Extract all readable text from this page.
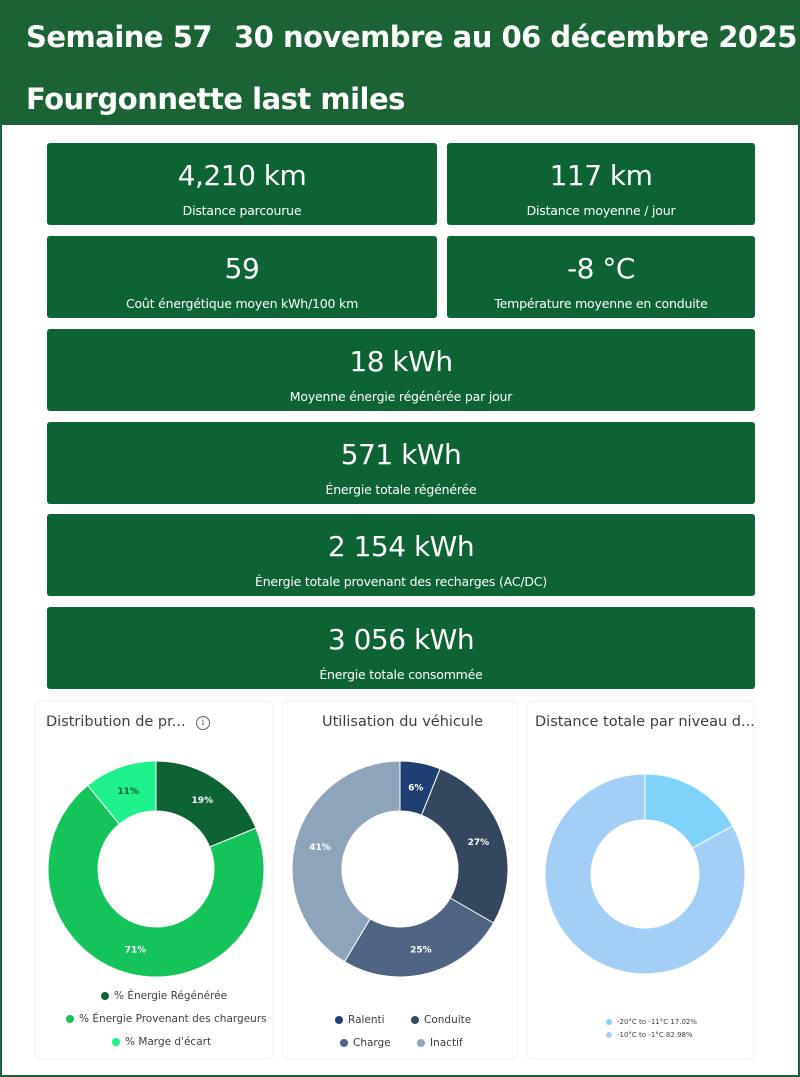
Semaine 57 30 novembre au 06 décembre 2025
Fourgonnette last miles
4,210 km
Distance parcourue
117 km
Distance moyenne / jour
59
Coût énergétique moyen kWh/100 km
-8 °C
Température moyenne en conduite
18 kWh
Moyenne énergie régénérée par jour
571 kWh
Énergie totale régénérée
2 154 kWh
Énergie totale provenant des recharges (AC/DC)
3 056 kWh
Énergie totale consommée
Distribution de pr...	i
19%
71%
11%
% Énergie Régénérée
% Énergie Provenant des chargeurs
% Marge d'écart
Utilisation du véhicule
6%
27%
25%
41%
Ralenti	Conduite
Charge	Inactif
Distance totale par niveau d...
-20°C to -11°C 17.02%
-10°C to -1°C 82.98%
